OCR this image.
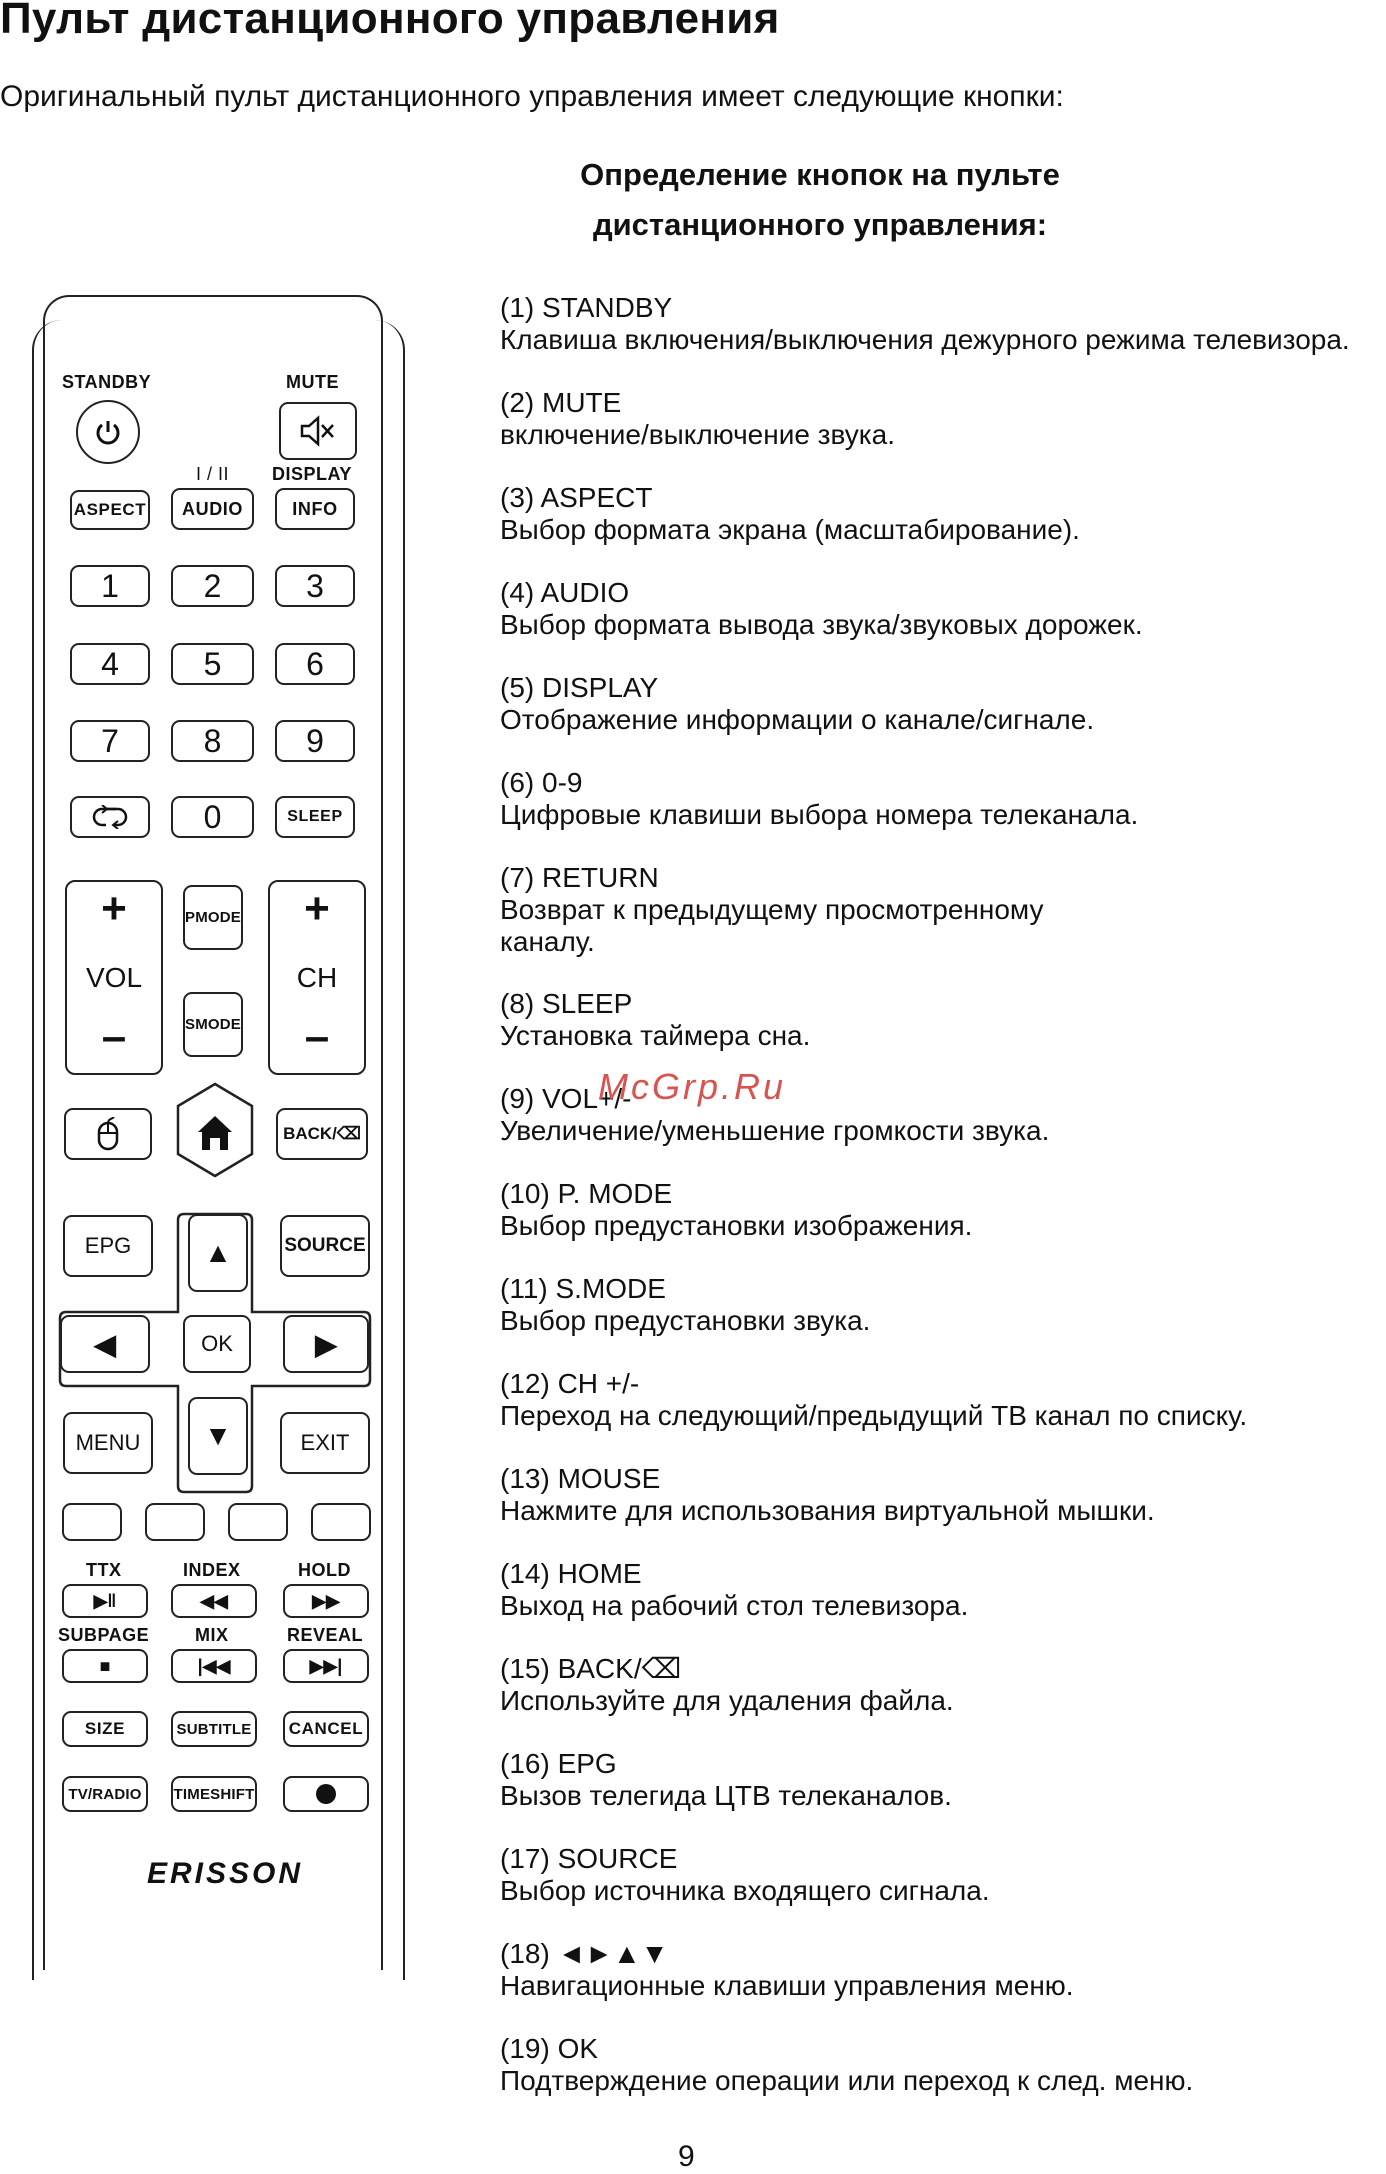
Пульт дистанционного управления
Оригинальный пульт дистанционного управления имеет следующие кнопки:
Определение кнопок на пульте
дистанционного управления:
(1) STANDBY
Клавиша включения/выключения дежурного режима телевизора.
(2) MUTE
включение/выключение звука.
(3) ASPECT
Выбор формата экрана (масштабирование).
(4) AUDIO
Выбор формата вывода звука/звуковых дорожек.
(5) DISPLAY
Отображение информации о канале/сигнале.
(6) 0-9
Цифровые клавиши выбора номера телеканала.
(7) RETURN
Возврат к предыдущему просмотренному
каналу.
(8) SLEEP
Установка таймера сна.
(9) VOL+/-
Увеличение/уменьшение громкости звука.
(10) P. MODE
Выбор предустановки изображения.
(11) S.MODE
Выбор предустановки звука.
(12) CH +/-
Переход на следующий/предыдущий ТВ канал по списку.
(13) MOUSE
Нажмите для использования виртуальной мышки.
(14) HOME
Выход на рабочий стол телевизора.
(15) BACK/⌫
Используйте для удаления файла.
(16) EPG
Вызов телегида ЦТВ телеканалов.
(17) SOURCE
Выбор источника входящего сигнала.
(18) ◄►▲▼
Навигационные клавиши управления меню.
(19) OK
Подтверждение операции или переход к след. меню.
McGrp.Ru
9
STANDBY	MUTE
I / II DISPLAY
ASPECT	AUDIO	INFO
1	2	3
4	5	6
7	8	9
0	SLEEP
+
VOL
–
+
CH
–
PMODE
SMODE
BACK/⌫
EPG	SOURCE
▲
◀	OK	▶
▼
MENU	EXIT
TTX	INDEX	HOLD
▶‖	◀◀	▶▶
SUBPAGE	MIX	REVEAL
■	|◀◀	▶▶|
SIZE	SUBTITLE	CANCEL
TV/RADIO	TIMESHIFT
ERISSON
